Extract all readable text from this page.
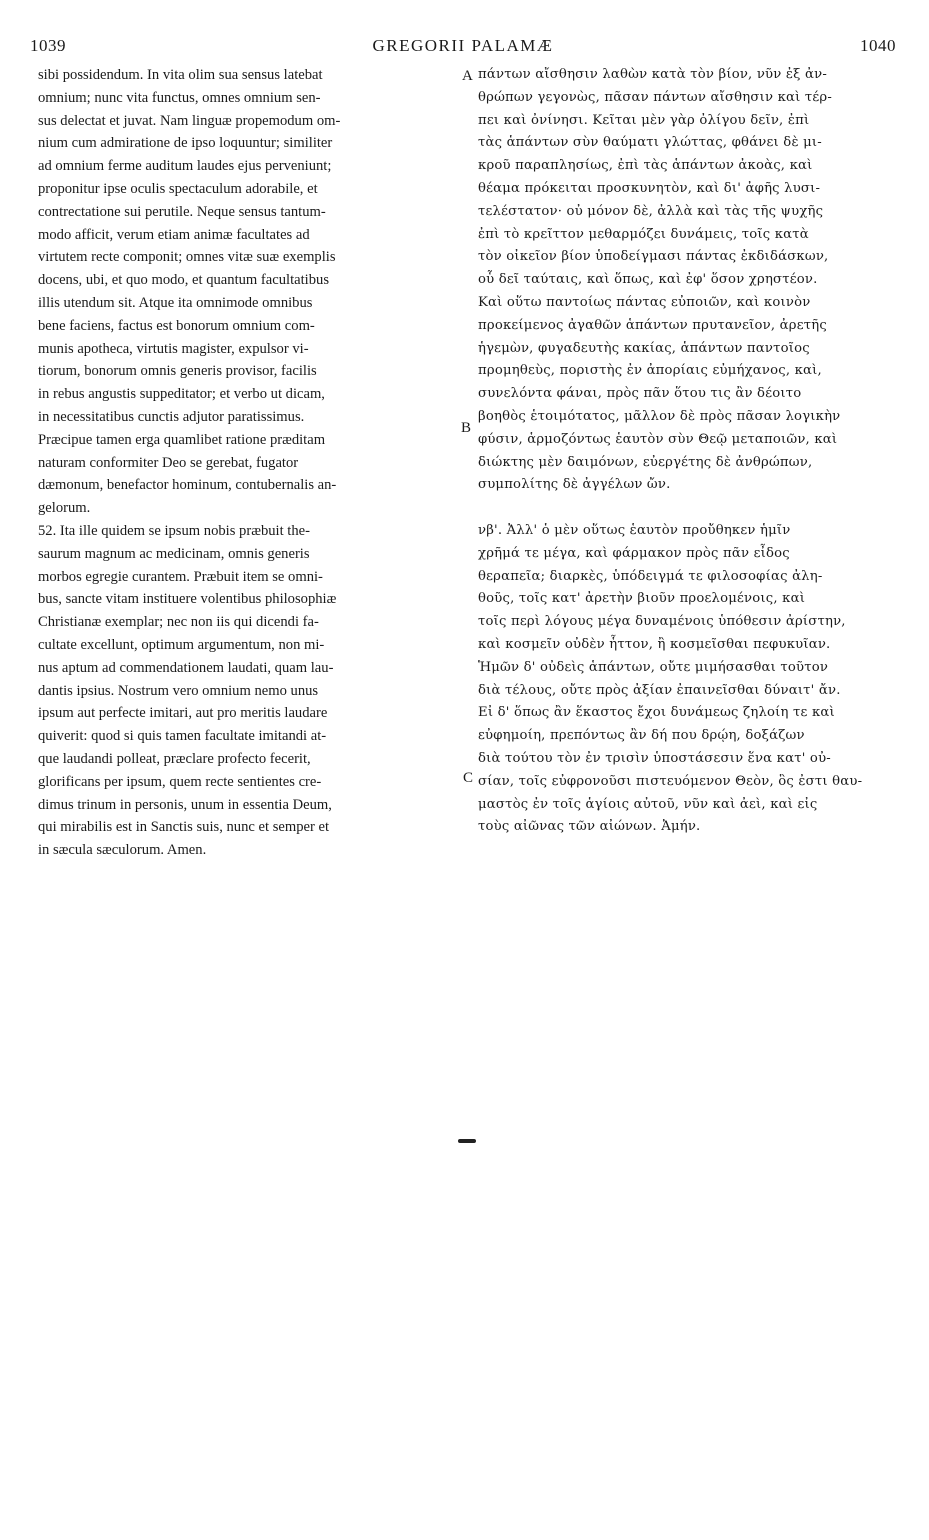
1039	GREGORII PALAMÆ	1040
sibi possidendum. In vita olim sua sensus latebat
omnium; nunc vita functus, omnes omnium sen-
sus delectat et juvat. Nam linguæ propemodum om-
nium cum admiratione de ipso loquuntur; similiter
ad omnium ferme auditum laudes ejus perveniunt;
proponitur ipse oculis spectaculum adorabile, et
contrectatione sui perutile. Neque sensus tantum-
modo afficit, verum etiam animæ facultates ad
virtutem recte componit; omnes vitæ suæ exemplis
docens, ubi, et quo modo, et quantum facultatibus
illis utendum sit. Atque ita omnimode omnibus
bene faciens, factus est bonorum omnium com-
munis apotheca, virtutis magister, expulsor vi-
tiorum, bonorum omnis generis provisor, facilis
in rebus angustis suppeditator; et verbo ut dicam,
in necessitatibus cunctis adjutor paratissimus.
Præcipue tamen erga quamlibet ratione præditam
naturam conformiter Deo se gerebat, fugator
dæmonum, benefactor hominum, contubernalis an-
gelorum.
52. Ita ille quidem se ipsum nobis præbuit the-
saurum magnum ac medicinam, omnis generis
morbos egregie curantem. Præbuit item se omni-
bus, sancte vitam instituere volentibus philosophiæ
Christianæ exemplar; nec non iis qui dicendi fa-
cultate excellunt, optimum argumentum, non mi-
nus aptum ad commendationem laudati, quam lau-
dantis ipsius. Nostrum vero omnium nemo unus
ipsum aut perfecte imitari, aut pro meritis laudare
quiverit: quod si quis tamen facultate imitandi at-
que laudandi polleat, præclare profecto fecerit,
glorificans per ipsum, quem recte sentientes cre-
dimus trinum in personis, unum in essentia Deum,
qui mirabilis est in Sanctis suis, nunc et semper et
in sæcula sæculorum. Amen.
πάντων αἴσθησιν λαθὼν κατὰ τὸν βίον, νῦν ἐξ ἀν-
θρώπων γεγονὼς, πᾶσαν πάντων αἴσθησιν καὶ τέρ-
πει καὶ ὀνίνησι. Κεῖται μὲν γὰρ ὀλίγου δεῖν, ἐπὶ
τὰς ἁπάντων σὺν θαύματι γλώττας, φθάνει δὲ μι-
κροῦ παραπλησίως, ἐπὶ τὰς ἁπάντων ἀκοὰς, καὶ
θέαμα πρόκειται προσκυνητὸν, καὶ δι' ἀφῆς λυσι-
τελέστατον· οὐ μόνον δὲ, ἀλλὰ καὶ τὰς τῆς ψυχῆς
ἐπὶ τὸ κρεῖττον μεθαρμόζει δυνάμεις, τοῖς κατὰ
τὸν οἰκεῖον βίον ὑποδείγμασι πάντας ἐκδιδάσκων,
οὗ δεῖ ταύταις, καὶ ὅπως, καὶ ἐφ' ὅσον χρηστέον.
Καὶ οὕτω παντοίως πάντας εὐποιῶν, καὶ κοινὸν
προκείμενος ἀγαθῶν ἁπάντων πρυτανεῖον, ἀρετῆς
ἡγεμὼν, φυγαδευτὴς κακίας, ἁπάντων παντοῖος
προμηθεὺς, ποριστὴς ἐν ἀπορίαις εὐμήχανος, καὶ,
συνελόντα φάναι, πρὸς πᾶν ὅτου τις ἂν δέοιτο
βοηθὸς ἑτοιμότατος, μᾶλλον δὲ πρὸς πᾶσαν λογικὴν
φύσιν, ἁρμοζόντως ἑαυτὸν σὺν Θεῷ μεταποιῶν, καὶ
διώκτης μὲν δαιμόνων, εὐεργέτης δὲ ἀνθρώπων,
συμπολίτης δὲ ἀγγέλων ὤν.
νβ'. Ἀλλ' ὁ μὲν οὕτως ἑαυτὸν προὔθηκεν ἡμῖν
χρῆμά τε μέγα, καὶ φάρμακον πρὸς πᾶν εἶδος
θεραπεῖα; διαρκὲς, ὑπόδειγμά τε φιλοσοφίας ἀλη-
θοῦς, τοῖς κατ' ἀρετὴν βιοῦν προελομένοις, καὶ
τοῖς περὶ λόγους μέγα δυναμένοις ὑπόθεσιν ἀρίστην,
καὶ κοσμεῖν οὐδὲν ἧττον, ἢ κοσμεῖσθαι πεφυκυῖαν.
Ἡμῶν δ' οὐδεὶς ἁπάντων, οὔτε μιμήσασθαι τοῦτον
διὰ τέλους, οὔτε πρὸς ἀξίαν ἐπαινεῖσθαι δύναιτ' ἄν.
Εἰ δ' ὅπως ἂν ἕκαστος ἔχοι δυνάμεως ζηλοίη τε καὶ
εὐφημοίη, πρεπόντως ἂν δή που δρῴη, δοξάζων
διὰ τούτου τὸν ἐν τρισὶν ὑποστάσεσιν ἕνα κατ' οὐ-
σίαν, τοῖς εὐφρονοῦσι πιστευόμενον Θεὸν, ὃς ἐστι θαυ-
μαστὸς ἐν τοῖς ἁγίοις αὐτοῦ, νῦν καὶ ἀεὶ, καὶ εἰς
τοὺς αἰῶνας τῶν αἰώνων. Ἀμήν.
A
B
C
